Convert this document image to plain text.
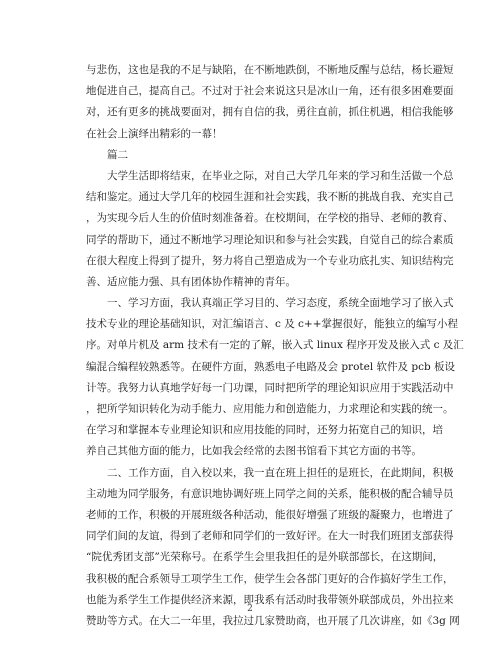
与悲伤，这也是我的不足与缺陷，在不断地跌倒，不断地反醒与总结，杨长避短
地促进自己，提高自己。不过对于社会来说这只是冰山一角，还有很多困难要面
对，还有更多的挑战要面对，拥有自信的我，勇往直前，抓住机遇，相信我能够
在社会上演绎出精彩的一幕！
　　篇二
　　大学生活即将结束，在毕业之际，对自己大学几年来的学习和生活做一个总
结和鉴定。通过大学几年的校园生涯和社会实践，我不断的挑战自我、充实自己
，为实现今后人生的价值时刻准备着。在校期间，在学校的指导、老师的教育、
同学的帮助下，通过不断地学习理论知识和参与社会实践，自觉自己的综合素质
在很大程度上得到了提升，努力将自己塑造成为一个专业功底扎实、知识结构完
善、适应能力强、具有团体协作精神的青年。
　　一、学习方面，我认真端正学习目的、学习态度，系统全面地学习了嵌入式
技术专业的理论基础知识，对汇编语言、c 及 c++掌握很好，能独立的编写小程
序。对单片机及 arm 技术有一定的了解，嵌入式 linux 程序开发及嵌入式 c 及汇
编混合编程较熟悉等。在硬件方面，熟悉电子电路及会 protel 软件及 pcb 板设
计等。我努力认真地学好每一门功课，同时把所学的理论知识应用于实践活动中
，把所学知识转化为动手能力、应用能力和创造能力，力求理论和实践的统一。
在学习和掌握本专业理论知识和应用技能的同时，还努力拓宽自己的知识，培
养自己其他方面的能力，比如我会经常的去图书馆看下其它方面的书等。
　　二、工作方面，自入校以来，我一直在班上担任的是班长，在此期间，积极
主动地为同学服务，有意识地协调好班上同学之间的关系，能积极的配合辅导员
老师的工作，积极的开展班级各种活动，能很好增强了班级的凝聚力，也增进了
同学们间的友谊，得到了老师和同学们的一致好评。在大一时我们班团支部获得
“院优秀团支部”光荣称号。在系学生会里我担任的是外联部部长，在这期间，
我积极的配合系领导工项学生工作，使学生会各部门更好的合作搞好学生工作，
也能为系学生工作提供经济来源，即我系有活动时我带领外联部成员，外出拉来
赞助等方式。在大二一年里，我拉过几家赞助商，也开展了几次讲座，如《3g 网
2
